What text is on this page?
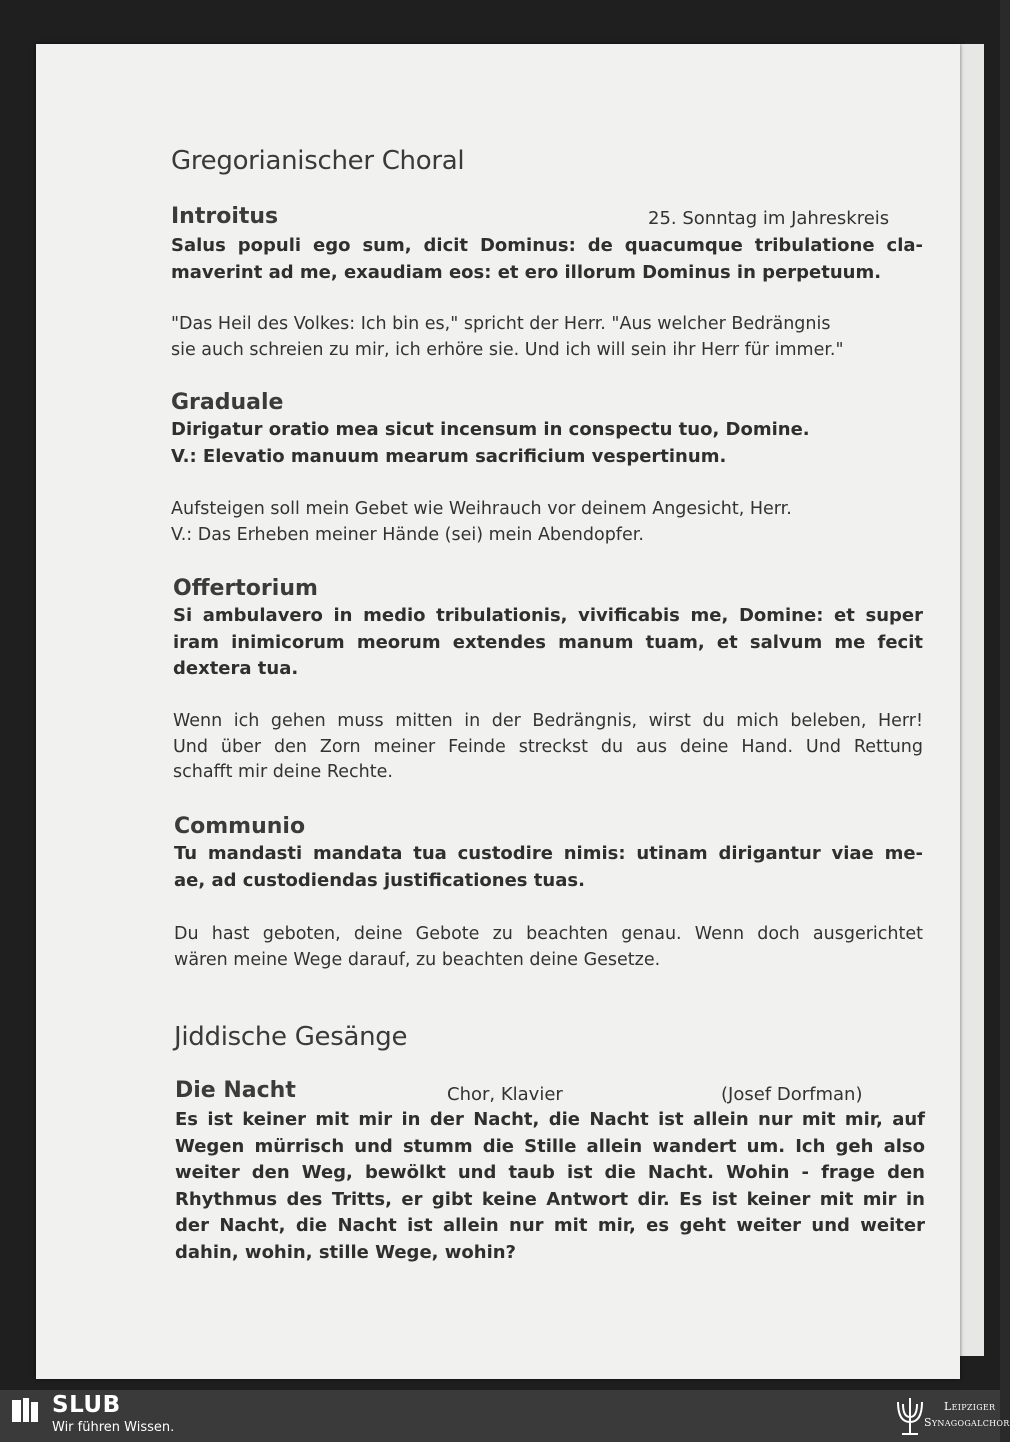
Gregorianischer Choral
Introitus	25. Sonntag im Jahreskreis

Salus populi ego sum, dicit Dominus: de quacumque tribulatione cla-
maverint ad me, exaudiam eos: et ero illorum Dominus in perpetuum.

"Das Heil des Volkes: Ich bin es," spricht der Herr. "Aus welcher Bedrängnis
sie auch schreien zu mir, ich erhöre sie. Und ich will sein ihr Herr für immer."

Graduale

Dirigatur oratio mea sicut incensum in conspectu tuo, Domine.
V.: Elevatio manuum mearum sacrificium vespertinum.

Aufsteigen soll mein Gebet wie Weihrauch vor deinem Angesicht, Herr.
V.: Das Erheben meiner Hände (sei) mein Abendopfer.

Offertorium

Si ambulavero in medio tribulationis, vivificabis me, Domine: et super
iram inimicorum meorum extendes manum tuam, et salvum me fecit
dextera tua.

Wenn ich gehen muss mitten in der Bedrängnis, wirst du mich beleben, Herr!
Und über den Zorn meiner Feinde streckst du aus deine Hand. Und Rettung
schafft mir deine Rechte.

Communio

Tu mandasti mandata tua custodire nimis: utinam dirigantur viae me-
ae, ad custodiendas justificationes tuas.

Du hast geboten, deine Gebote zu beachten genau. Wenn doch ausgerichtet
wären meine Wege darauf, zu beachten deine Gesetze.

Jiddische Gesänge
Die Nacht	Chor, Klavier	(Josef Dorfman)

Es ist keiner mit mir in der Nacht, die Nacht ist allein nur mit mir, auf
Wegen mürrisch und stumm die Stille allein wandert um. Ich geh also
weiter den Weg, bewölkt und taub ist die Nacht. Wohin - frage den
Rhythmus des Tritts, er gibt keine Antwort dir. Es ist keiner mit mir in
der Nacht, die Nacht ist allein nur mit mir, es geht weiter und weiter
dahin, wohin, stille Wege, wohin?

SLUB
Wir führen Wissen.
Leipziger
Synagogalchor
